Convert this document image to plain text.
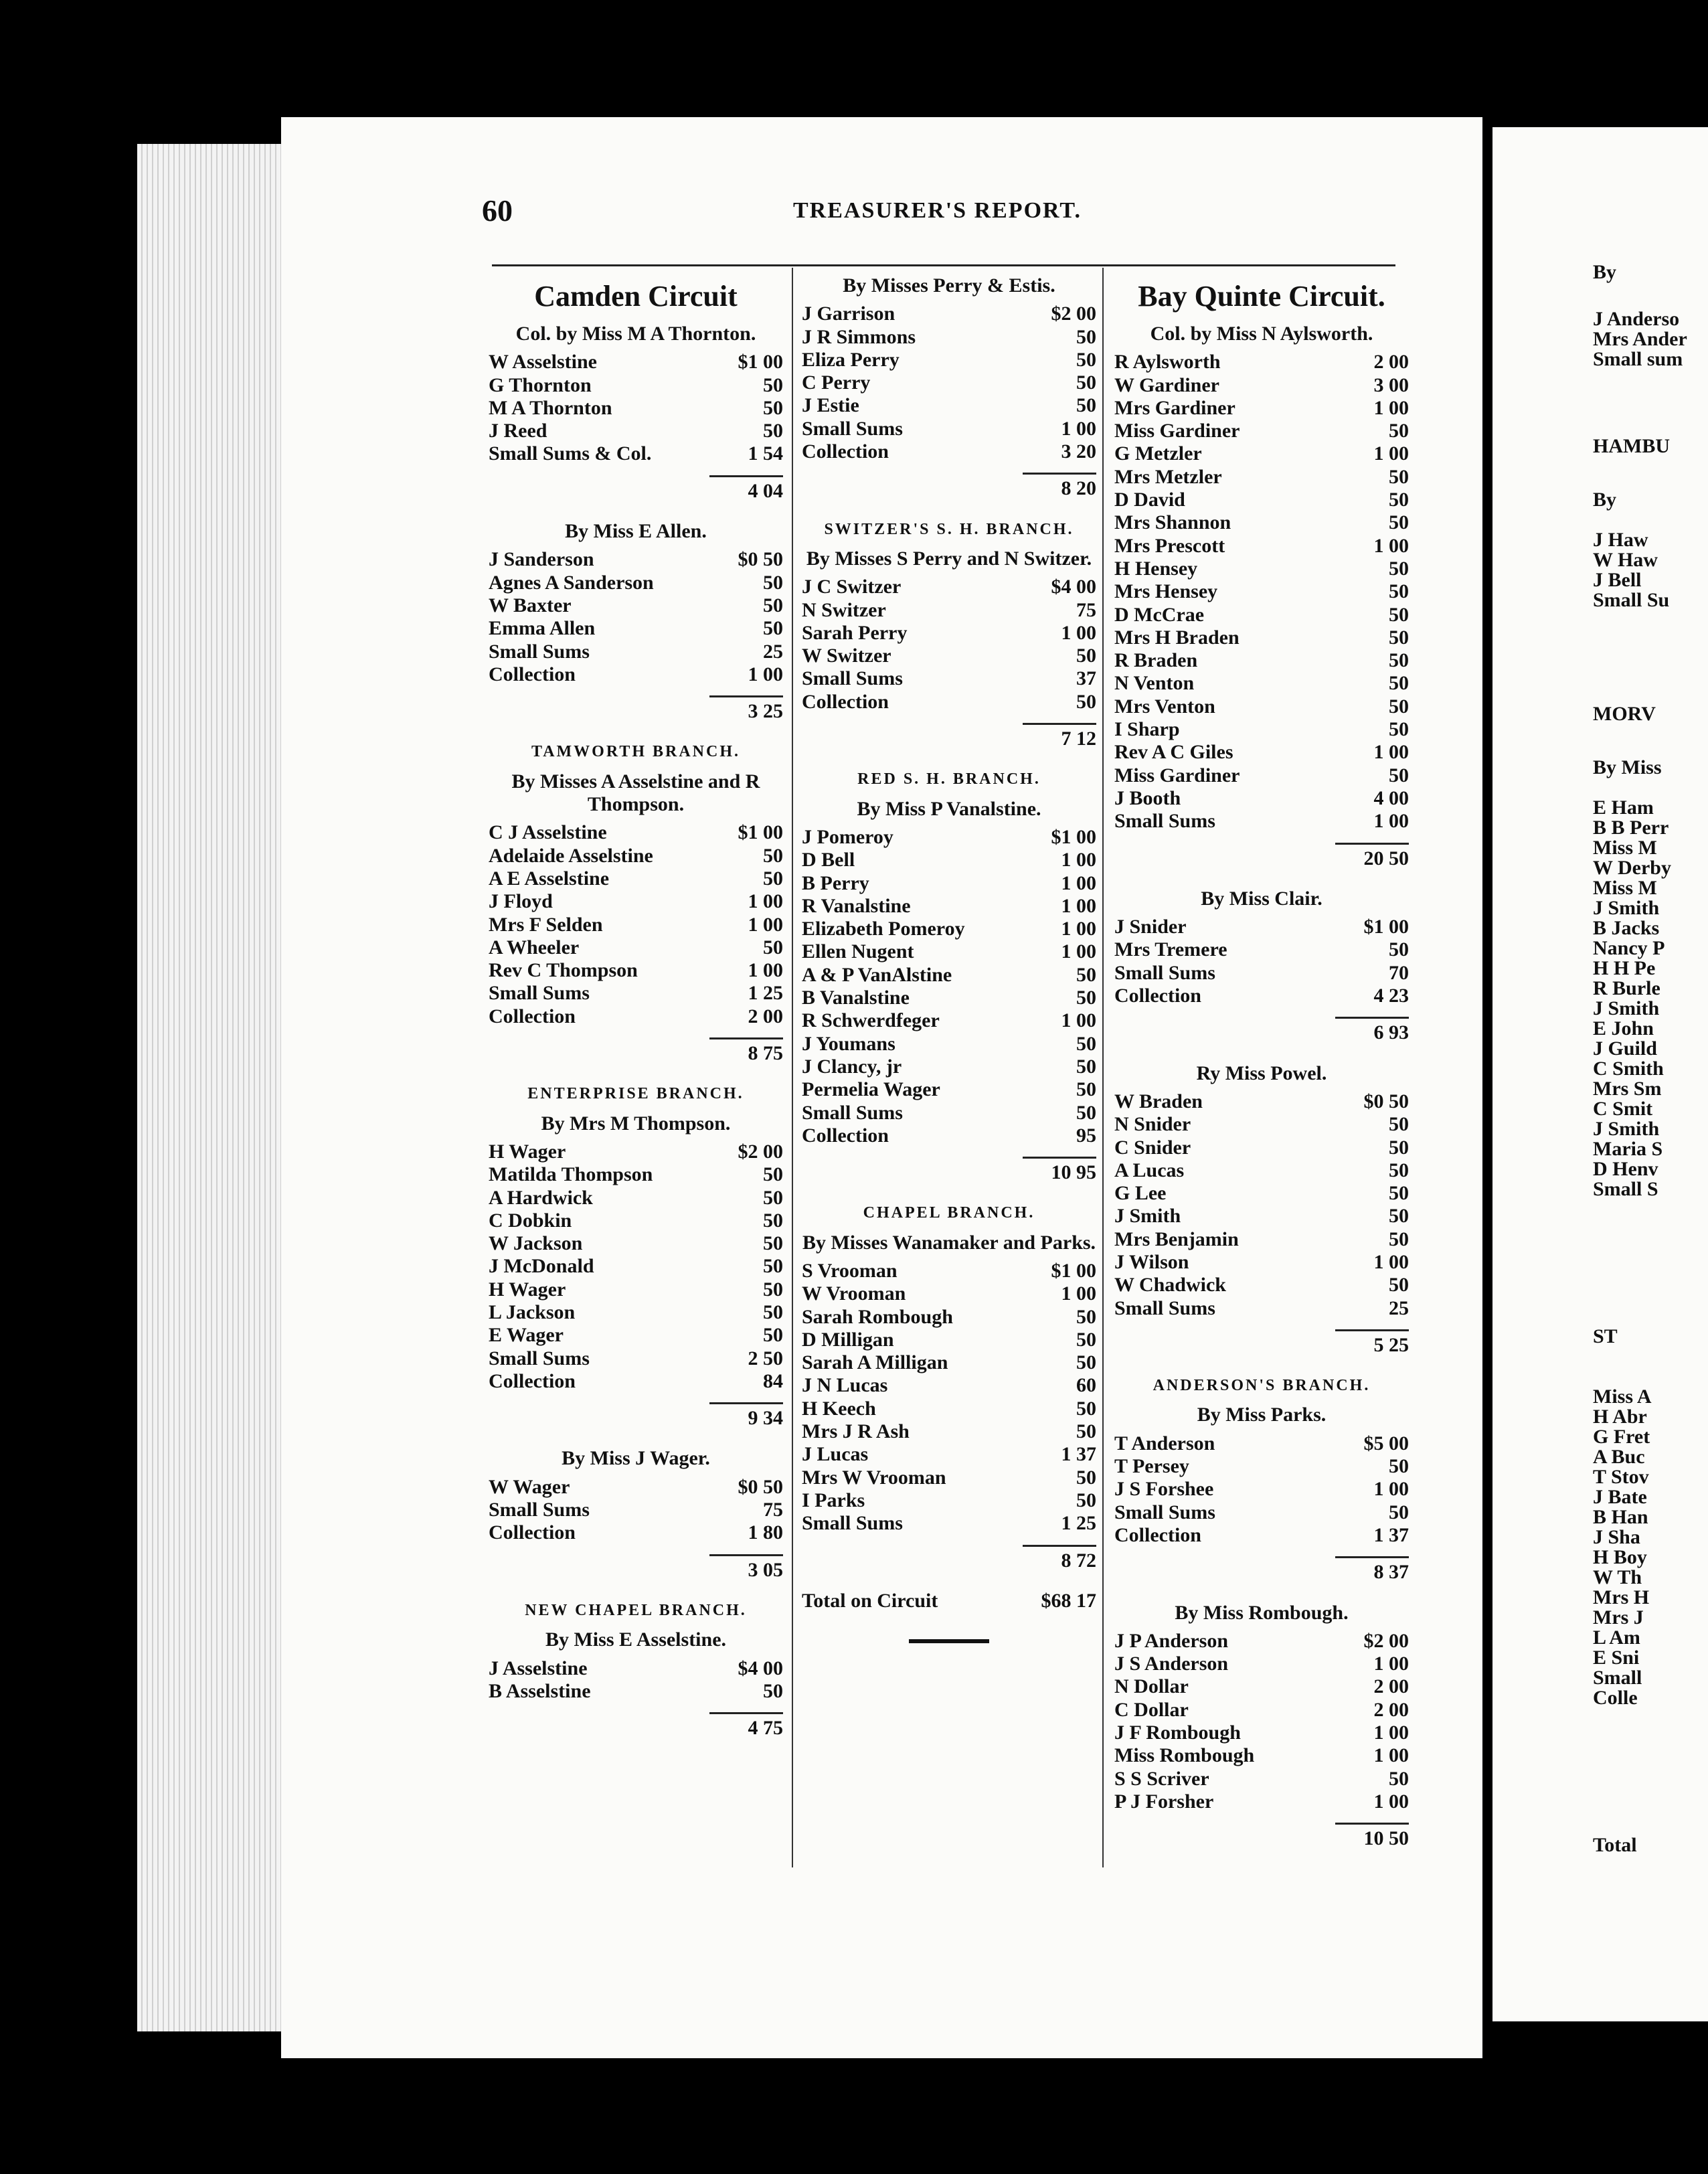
60	TREASURER'S REPORT.
Camden Circuit
Col. by Miss M A Thornton.
W Asselstine	$1 00
G Thornton	50
M A Thornton	50
J Reed	50
Small Sums & Col.	1 54
4 04
By Miss E Allen.
J Sanderson	$0 50
Agnes A Sanderson	50
W Baxter	50
Emma Allen	50
Small Sums	25
Collection	1 00
3 25
TAMWORTH BRANCH.
By Misses A Asselstine and R Thompson.
C J Asselstine	$1 00
Adelaide Asselstine	50
A E Asselstine	50
J Floyd	1 00
Mrs F Selden	1 00
A Wheeler	50
Rev C Thompson	1 00
Small Sums	1 25
Collection	2 00
8 75
ENTERPRISE BRANCH.
By Mrs M Thompson.
H Wager	$2 00
Matilda Thompson	50
A Hardwick	50
C Dobkin	50
W Jackson	50
J McDonald	50
H Wager	50
L Jackson	50
E Wager	50
Small Sums	2 50
Collection	84
9 34
By Miss J Wager.
W Wager	$0 50
Small Sums	75
Collection	1 80
3 05
NEW CHAPEL BRANCH.
By Miss E Asselstine.
J Asselstine	$4 00
B Asselstine	50
4 75
By Misses Perry & Estis.
J Garrison	$2 00
J R Simmons	50
Eliza Perry	50
C Perry	50
J Estie	50
Small Sums	1 00
Collection	3 20
8 20
SWITZER'S S. H. BRANCH.
By Misses S Perry and N Switzer.
J C Switzer	$4 00
N Switzer	75
Sarah Perry	1 00
W Switzer	50
Small Sums	37
Collection	50
7 12
RED S. H. BRANCH.
By Miss P Vanalstine.
J Pomeroy	$1 00
D Bell	1 00
B Perry	1 00
R Vanalstine	1 00
Elizabeth Pomeroy	1 00
Ellen Nugent	1 00
A & P VanAlstine	50
B Vanalstine	50
R Schwerdfeger	1 00
J Youmans	50
J Clancy, jr	50
Permelia Wager	50
Small Sums	50
Collection	95
10 95
CHAPEL BRANCH.
By Misses Wanamaker and Parks.
S Vrooman	$1 00
W Vrooman	1 00
Sarah Rombough	50
D Milligan	50
Sarah A Milligan	50
J N Lucas	60
H Keech	50
Mrs J R Ash	50
J Lucas	1 37
Mrs W Vrooman	50
I Parks	50
Small Sums	1 25
8 72
Total on Circuit	$68 17
Bay Quinte Circuit.
Col. by Miss N Aylsworth.
R Aylsworth	2 00
W Gardiner	3 00
Mrs Gardiner	1 00
Miss Gardiner	50
G Metzler	1 00
Mrs Metzler	50
D David	50
Mrs Shannon	50
Mrs Prescott	1 00
H Hensey	50
Mrs Hensey	50
D McCrae	50
Mrs H Braden	50
R Braden	50
N Venton	50
Mrs Venton	50
I Sharp	50
Rev A C Giles	1 00
Miss Gardiner	50
J Booth	4 00
Small Sums	1 00
20 50
By Miss Clair.
J Snider	$1 00
Mrs Tremere	50
Small Sums	70
Collection	4 23
6 93
Ry Miss Powel.
W Braden	$0 50
N Snider	50
C Snider	50
A Lucas	50
G Lee	50
J Smith	50
Mrs Benjamin	50
J Wilson	1 00
W Chadwick	50
Small Sums	25
5 25
ANDERSON'S BRANCH.
By Miss Parks.
T Anderson	$5 00
T Persey	50
J S Forshee	1 00
Small Sums	50
Collection	1 37
8 37
By Miss Rombough.
J P Anderson	$2 00
J S Anderson	1 00
N Dollar	2 00
C Dollar	2 00
J F Rombough	1 00
Miss Rombough	1 00
S S Scriver	50
P J Forsher	1 00
10 50
By
J Anderso
Mrs Ander
Small sum
HAMBU
By
J Haw
W Haw
J Bell
Small Su
MORV
By Miss
E Ham
B B Perr
Miss M
W Derby
Miss M
J Smith
B Jacks
Nancy P
H H Pe
R Burle
J Smith
E John
J Guild
C Smith
Mrs Sm
C Smit
J Smith
Maria S
D Henv
Small S
ST
Miss A
H Abr
G Fret
A Buc
T Stov
J Bate
B Han
J Sha
H Boy
W Th
Mrs H
Mrs J
L Am
E Sni
Small
Colle
Total
